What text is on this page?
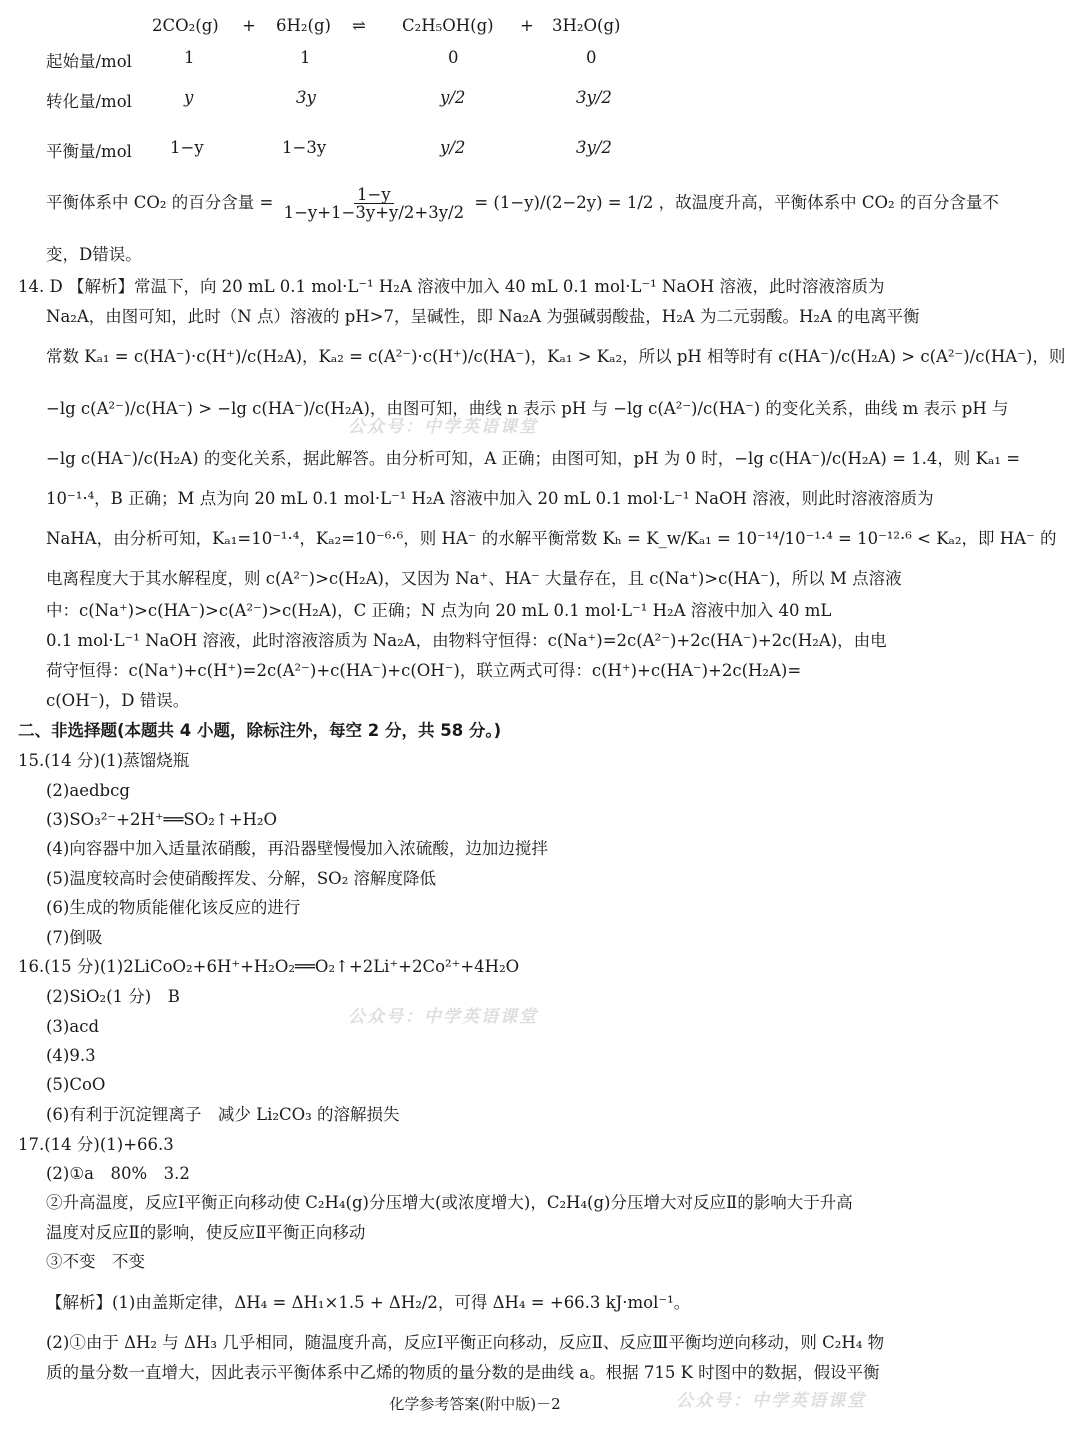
2CO₂(g) + 6H₂(g) ⇌ C₂H₅OH(g) + 3H₂O(g)
起始量/mol	1	1	0	0
转化量/mol	y	3y	y/2	3y/2
平衡量/mol 1−y	1−3y	y/2	3y/2
平衡体系中 CO₂ 的百分含量 = $\frac{1-y}{1-y+1-3y+y/2+3y/2} = (1-y)/(2-2y) = 1/2$ ，故温度升高，平衡体系中 CO₂ 的百分含量不
变，D错误。
14. D 【解析】常温下，向 20 mL 0.1 mol·L⁻¹ H₂A 溶液中加入 40 mL 0.1 mol·L⁻¹ NaOH 溶液，此时溶液溶质为
Na₂A，由图可知，此时（N 点）溶液的 pH>7，呈碱性，即 Na₂A 为强碱弱酸盐，H₂A 为二元弱酸。H₂A 的电离平衡
常数 Kₐ₁ = c(HA⁻)·c(H⁺)/c(H₂A)，Kₐ₂ = c(A²⁻)·c(H⁺)/c(HA⁻)，Kₐ₁ > Kₐ₂，所以 pH 相等时有 c(HA⁻)/c(H₂A) > c(A²⁻)/c(HA⁻)，则
−lg c(A²⁻)/c(HA⁻) > −lg c(HA⁻)/c(H₂A)，由图可知，曲线 n 表示 pH 与 −lg c(A²⁻)/c(HA⁻) 的变化关系，曲线 m 表示 pH 与
−lg c(HA⁻)/c(H₂A) 的变化关系，据此解答。由分析可知，A 正确；由图可知，pH 为 0 时，−lg c(HA⁻)/c(H₂A) = 1.4，则 Kₐ₁ =
10⁻¹·⁴，B 正确；M 点为向 20 mL 0.1 mol·L⁻¹ H₂A 溶液中加入 20 mL 0.1 mol·L⁻¹ NaOH 溶液，则此时溶液溶质为
NaHA，由分析可知，Kₐ₁=10⁻¹·⁴，Kₐ₂=10⁻⁶·⁶，则 HA⁻ 的水解平衡常数 Kₕ = K_w/Kₐ₁ = 10⁻¹⁴/10⁻¹·⁴ = 10⁻¹²·⁶ < Kₐ₂，即 HA⁻ 的
电离程度大于其水解程度，则 c(A²⁻)>c(H₂A)，又因为 Na⁺、HA⁻ 大量存在，且 c(Na⁺)>c(HA⁻)，所以 M 点溶液
中：c(Na⁺)>c(HA⁻)>c(A²⁻)>c(H₂A)，C 正确；N 点为向 20 mL 0.1 mol·L⁻¹ H₂A 溶液中加入 40 mL
0.1 mol·L⁻¹ NaOH 溶液，此时溶液溶质为 Na₂A，由物料守恒得：c(Na⁺)=2c(A²⁻)+2c(HA⁻)+2c(H₂A)，由电
荷守恒得：c(Na⁺)+c(H⁺)=2c(A²⁻)+c(HA⁻)+c(OH⁻)，联立两式可得：c(H⁺)+c(HA⁻)+2c(H₂A)=
c(OH⁻)，D 错误。
二、非选择题(本题共 4 小题，除标注外，每空 2 分，共 58 分。)
15.(14 分)(1)蒸馏烧瓶
(2)aedbcg
(3)SO₃²⁻+2H⁺══SO₂↑+H₂O
(4)向容器中加入适量浓硝酸，再沿器壁慢慢加入浓硫酸，边加边搅拌
(5)温度较高时会使硝酸挥发、分解，SO₂ 溶解度降低
(6)生成的物质能催化该反应的进行
(7)倒吸
16.(15 分)(1)2LiCoO₂+6H⁺+H₂O₂══O₂↑+2Li⁺+2Co²⁺+4H₂O
(2)SiO₂(1 分)　B
(3)acd
(4)9.3
(5)CoO
(6)有利于沉淀锂离子　减少 Li₂CO₃ 的溶解损失
17.(14 分)(1)+66.3
(2)①a　80%　3.2
②升高温度，反应Ⅰ平衡正向移动使 C₂H₄(g)分压增大(或浓度增大)，C₂H₄(g)分压增大对反应Ⅱ的影响大于升高
温度对反应Ⅱ的影响，使反应Ⅱ平衡正向移动
③不变　不变
【解析】(1)由盖斯定律，ΔH₄ = ΔH₁×1.5 + ΔH₂/2，可得 ΔH₄ = +66.3 kJ·mol⁻¹。
(2)①由于 ΔH₂ 与 ΔH₃ 几乎相同，随温度升高，反应Ⅰ平衡正向移动，反应Ⅱ、反应Ⅲ平衡均逆向移动，则 C₂H₄ 物
质的量分数一直增大，因此表示平衡体系中乙烯的物质的量分数的是曲线 a。根据 715 K 时图中的数据，假设平衡
公众号：中学英语课堂
公众号：中学英语课堂
公众号：中学英语课堂
化学参考答案(附中版)－2
